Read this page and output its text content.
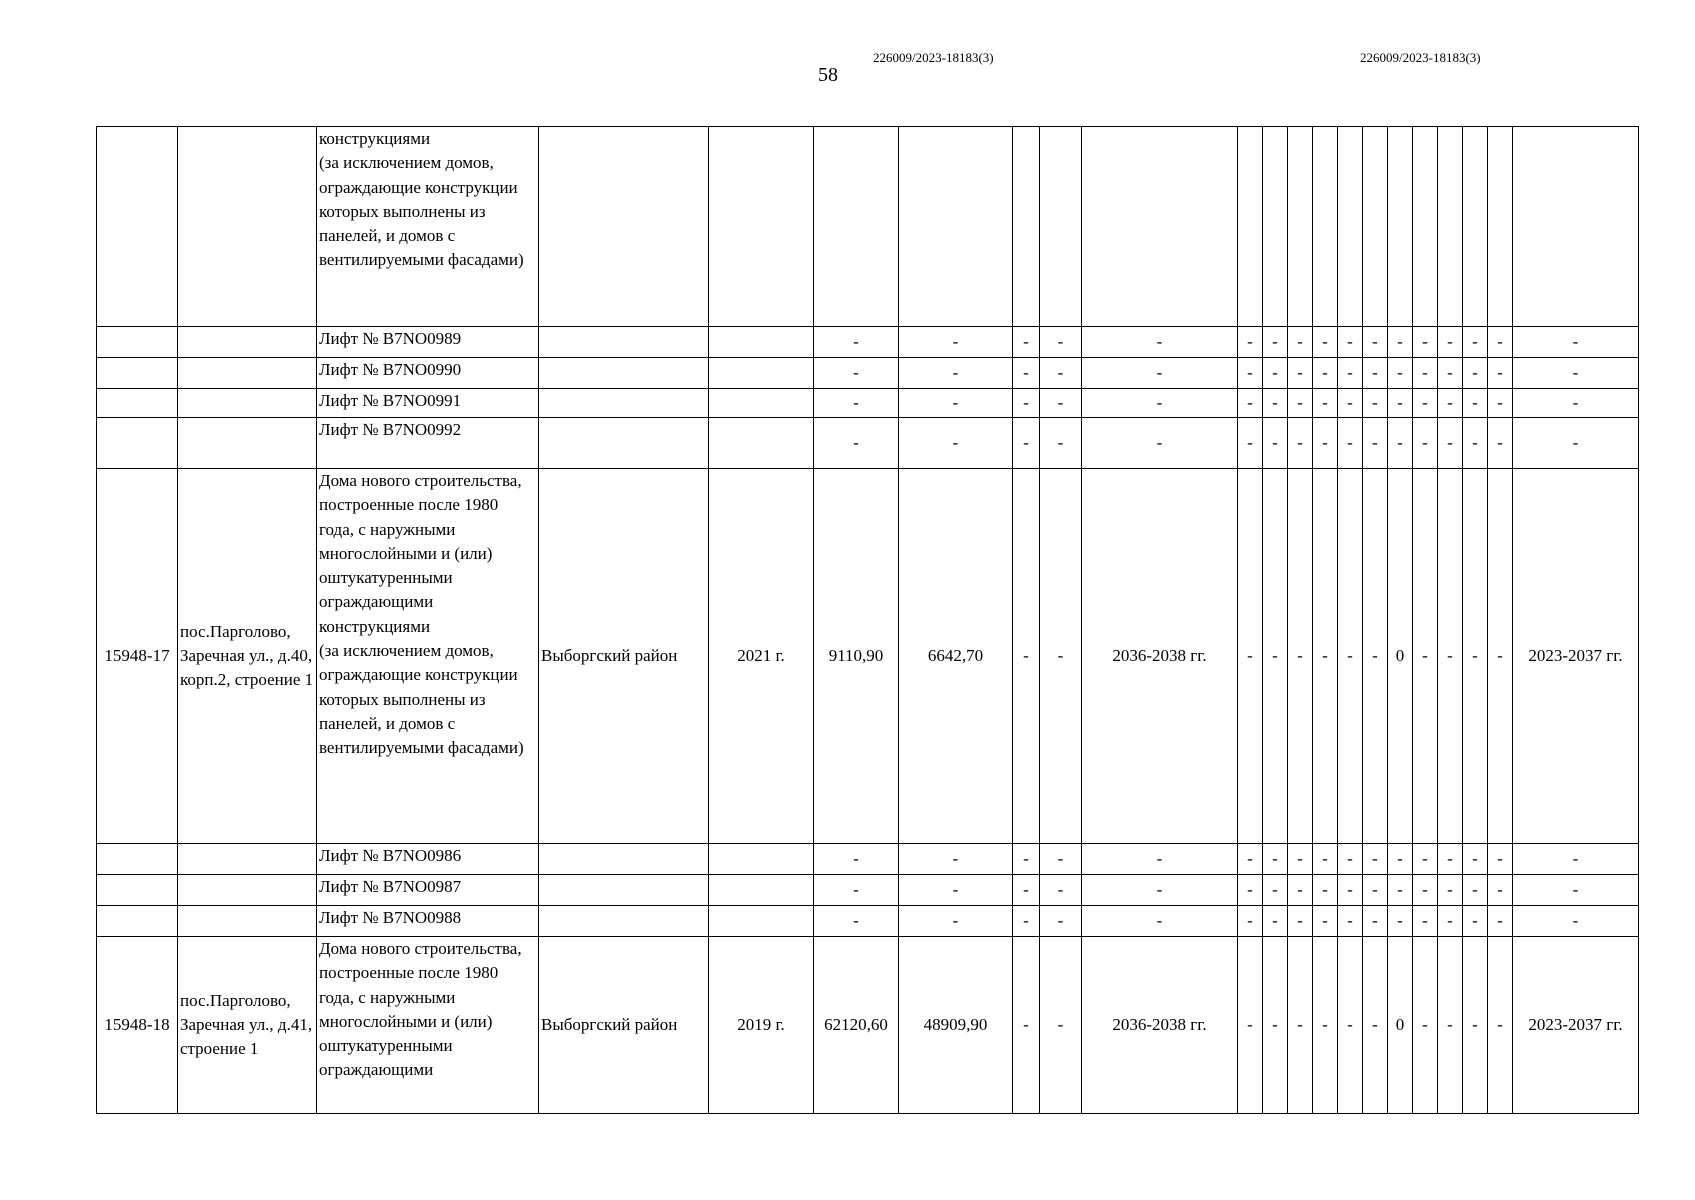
226009/2023-18183(3)	226009/2023-18183(3)
58
		конструкциями
(за исключением домов, ограждающие конструкции которых выполнены из панелей, и домов с вентилируемыми фасадами)																			
		Лифт № B7NO0989			-	-	-	-	-	-	-	-	-	-	-	-	-	-	-	-	-
		Лифт № B7NO0990			-	-	-	-	-	-	-	-	-	-	-	-	-	-	-	-	-
		Лифт № B7NO0991			-	-	-	-	-	-	-	-	-	-	-	-	-	-	-	-	-
		Лифт № B7NO0992			-	-	-	-	-	-	-	-	-	-	-	-	-	-	-	-	-
15948-17	пос.Парголово, Заречная ул., д.40, корп.2, строение 1	Дома нового строительства, построенные после 1980 года, с наружными многослойными и (или) оштукатуренными ограждающими конструкциями
(за исключением домов, ограждающие конструкции которых выполнены из панелей, и домов с вентилируемыми фасадами)	Выборгский район	2021 г.	9110,90	6642,70	-	-	2036-2038 гг.	-	-	-	-	-	-	0	-	-	-	-	2023-2037 гг.
		Лифт № B7NO0986			-	-	-	-	-	-	-	-	-	-	-	-	-	-	-	-	-
		Лифт № B7NO0987			-	-	-	-	-	-	-	-	-	-	-	-	-	-	-	-	-
		Лифт № B7NO0988			-	-	-	-	-	-	-	-	-	-	-	-	-	-	-	-	-
15948-18	пос.Парголово, Заречная ул., д.41, строение 1	Дома нового строительства, построенные после 1980 года, с наружными многослойными и (или) оштукатуренными ограждающими	Выборгский район	2019 г.	62120,60	48909,90	-	-	2036-2038 гг.	-	-	-	-	-	-	0	-	-	-	-	2023-2037 гг.
